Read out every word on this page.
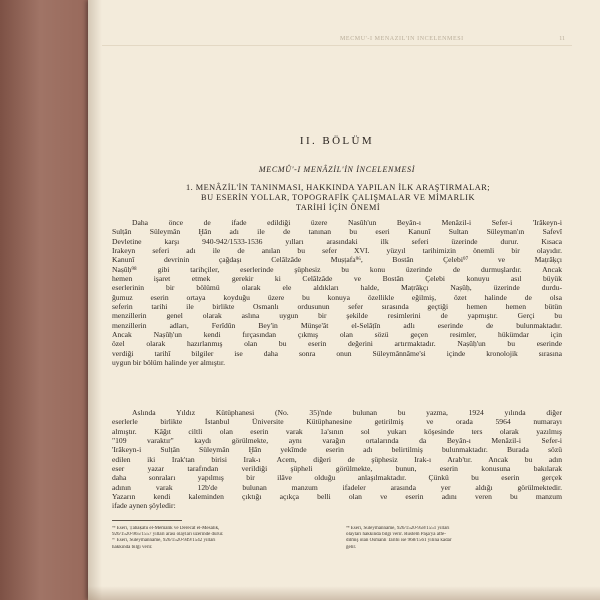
MECMÛ'-I MENÂZİL'İN İNCELENMESİ	11
II. BÖLÜM
MECMÛ'-I MENÂZİL'İN İNCELENMESİ
1. MENÂZİL'İN TANINMASI, HAKKINDA YAPILAN İLK ARAŞTIRMALAR;
BU ESERİN YOLLAR, TOPOGRAFİK ÇALIŞMALAR VE MİMARLIK
TARİHİ İÇİN ÖNEMİ
Daha önce de ifade edildiği üzere Nasûh'un Beyân-ı Menâzil-i Sefer-i 'Irâkeyn-i
Sulṭân Süleymân Ḫân adı ile de tanınan bu eseri Kanunî Sultan Süleyman'ın Safevî
Devletine karşı 940-942/1533-1536 yılları arasındaki ilk seferi üzerinde durur. Kısaca
Irakeyn seferi adı ile de anılan bu sefer XVI. yüzyıl tarihimizin önemli bir olayıdır.
Kanunî devrinin çağdaşı Celâlzâde Muṣṭafa⁹⁶, Bostân Çelebi⁹⁷ ve Maṭrâḳçı
Naṣûḥ⁹⁸ gibi tarihçiler, eserlerinde şüphesiz bu konu üzerinde de durmuşlardır. Ancak
hemen işaret etmek gerekir ki Celâlzâde ve Bostân Çelebi konuyu asıl büyük
eserlerinin bir bölümü olarak ele aldıkları halde, Maṭrâḳçı Naṣûḥ, üzerinde durdu-
ğumuz eserin ortaya koyduğu üzere bu konuya özellikle eğilmiş, özet halinde de olsa
seferin tarihi ile birlikte Osmanlı ordusunun sefer sırasında geçtiği hemen hemen bütün
menzillerin genel olarak aslına uygun bir şekilde resimlerini de yapmıştır. Gerçi bu
menzillerin adları, Ferîdûn Bey'in Münşe'ât el-Selâṭîn adlı eserinde de bulunmaktadır.
Ancak Naṣûḥ'un kendi fırçasından çıkmış olan sözü geçen resimler, hükümdar için
özel olarak hazırlanmış olan bu eserin değerini artırmaktadır. Naṣûḥ'un bu eserinde
verdiği tarihî bilgiler ise daha sonra onun Süleymânnâme'si içinde kronolojik sırasına
uygun bir bölüm halinde yer almıştır.
Aslında Yıldız Kütüphanesi (No. 35)'nde bulunan bu yazma, 1924 yılında diğer
eserlerle birlikte İstanbul Üniversite Kütüphanesine getirilmiş ve orada 5964 numarayı
almıştır. Kâğıt ciltli olan eserin varak 1a'sının sol yukarı köşesinde ters olarak yazılmış
"109 varaktır" kaydı görülmekte, aynı varağın ortalarında da Beyân-ı Menâzil-i Sefer-i
'Irâkeyn-i Sulṭân Süleymân Ḫân yekîmde eserin adı belirtilmiş bulunmaktadır. Burada sözü
edilen iki Irak'tan birisi Irak-ı Acem, diğeri de şüphesiz Irak-ı Arab'tır. Ancak bu adın
eser yazar tarafından verildiği şüpheli görülmekte, bunun, eserin konusuna bakılarak
daha sonraları yapılmış bir ilâve olduğu anlaşılmaktadır. Çünkü bu eserin gerçek
adının varak 12b'de bulunan manzum ifadeler arasında yer aldığı görülmektedir.
Yazarın kendi kaleminden çıktığı açıkça belli olan ve eserin adını veren bu manzum
ifade aynen şöyledir:
⁹⁶ Eseri, Ṭabaḳâtü el-Memâlik ve Derecât el-Mesâlik,
926/1520-965/1557 yılları arası olayları üzerinde durur.
⁹⁷ Eseri, Süleymânnâme, 926/1520-949/1542 yılları
hakkında bilgi verir.
⁹⁸ Eseri, Süleymânnâme, 926/1520-958/1551 yılları
olayları hakkında bilgi verir. Rüstem Paşa'ya atfe-
dilmiş olan Osmanlı Tarihi ise 968/1561 yılına kadar
gelir.
